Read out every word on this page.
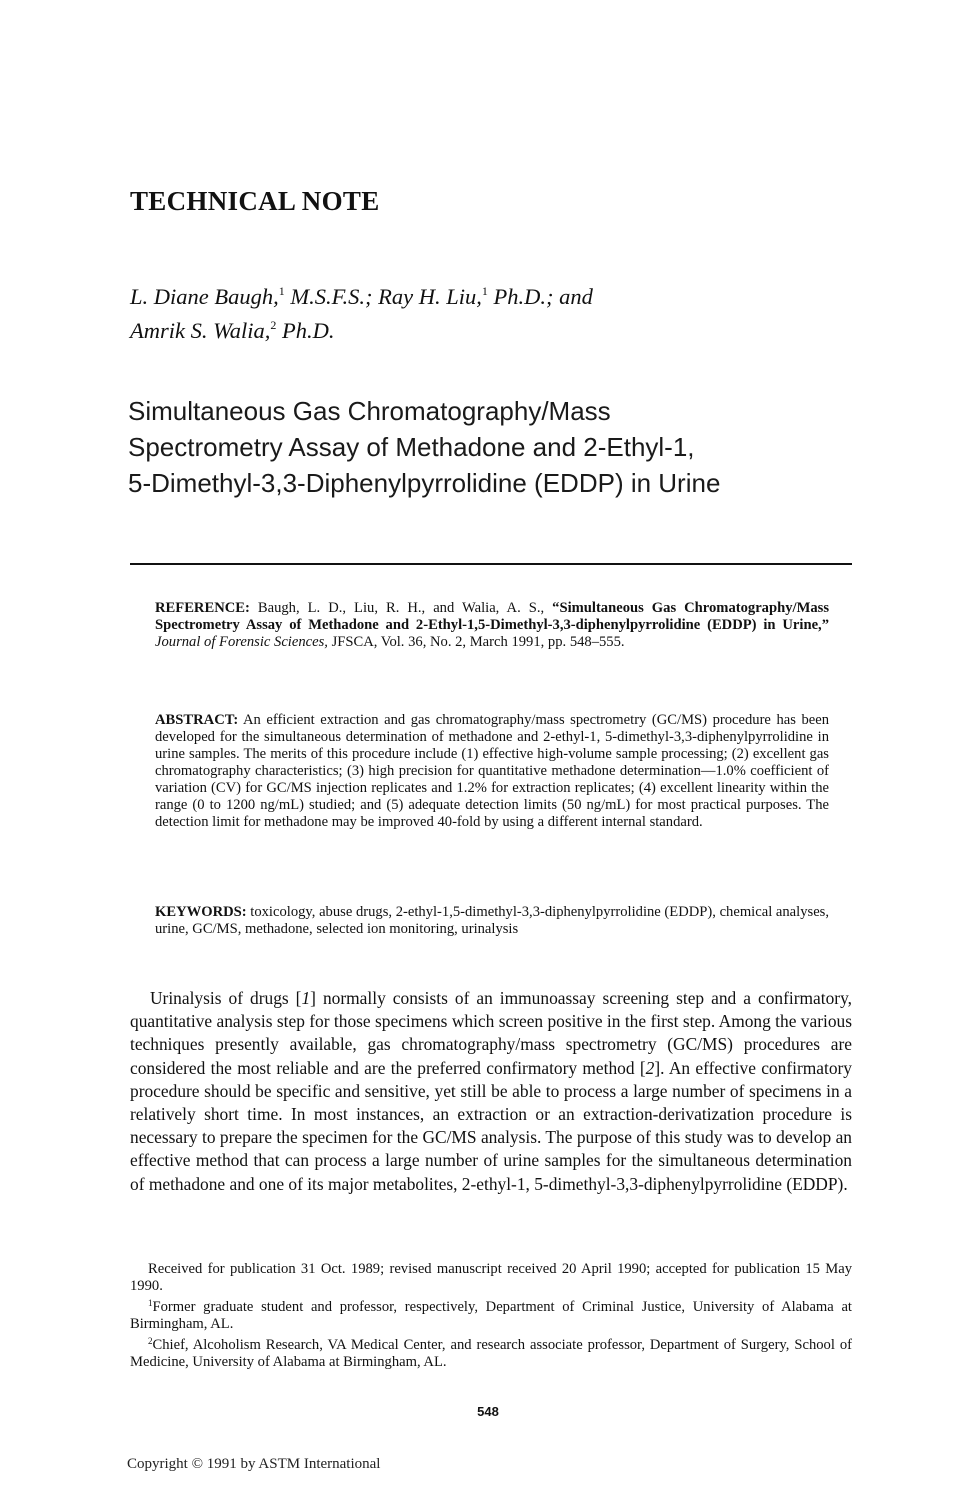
TECHNICAL NOTE
L. Diane Baugh,$^1$ M.S.F.S.; Ray H. Liu,$^1$ Ph.D.; and
Amrik S. Walia,$^2$ Ph.D.
Simultaneous Gas Chromatography/Mass
Spectrometry Assay of Methadone and 2-Ethyl-1,
5-Dimethyl-3,3-Diphenylpyrrolidine (EDDP) in Urine
REFERENCE: Baugh, L. D., Liu, R. H., and Walia, A. S., “Simultaneous Gas Chromatography/Mass Spectrometry Assay of Methadone and 2-Ethyl-1,5-Dimethyl-3,3-diphenylpyrrolidine (EDDP) in Urine,” Journal of Forensic Sciences, JFSCA, Vol. 36, No. 2, March 1991, pp. 548–555.
ABSTRACT: An efficient extraction and gas chromatography/mass spectrometry (GC/MS) procedure has been developed for the simultaneous determination of methadone and 2-ethyl-1, 5-dimethyl-3,3-diphenylpyrrolidine in urine samples. The merits of this procedure include (1) effective high-volume sample processing; (2) excellent gas chromatography characteristics; (3) high precision for quantitative methadone determination—1.0% coefficient of variation (CV) for GC/MS injection replicates and 1.2% for extraction replicates; (4) excellent linearity within the range (0 to 1200 ng/mL) studied; and (5) adequate detection limits (50 ng/mL) for most practical purposes. The detection limit for methadone may be improved 40-fold by using a different internal standard.
KEYWORDS: toxicology, abuse drugs, 2-ethyl-1,5-dimethyl-3,3-diphenylpyrrolidine (EDDP), chemical analyses, urine, GC/MS, methadone, selected ion monitoring, urinalysis
Urinalysis of drugs [1] normally consists of an immunoassay screening step and a confirmatory, quantitative analysis step for those specimens which screen positive in the first step. Among the various techniques presently available, gas chromatography/mass spectrometry (GC/MS) procedures are considered the most reliable and are the preferred confirmatory method [2]. An effective confirmatory procedure should be specific and sensitive, yet still be able to process a large number of specimens in a relatively short time. In most instances, an extraction or an extraction-derivatization procedure is necessary to prepare the specimen for the GC/MS analysis. The purpose of this study was to develop an effective method that can process a large number of urine samples for the simultaneous determination of methadone and one of its major metabolites, 2-ethyl-1, 5-dimethyl-3,3-diphenylpyrrolidine (EDDP).

Received for publication 31 Oct. 1989; revised manuscript received 20 April 1990; accepted for publication 15 May 1990.

$^1$Former graduate student and professor, respectively, Department of Criminal Justice, University of Alabama at Birmingham, AL.

$^2$Chief, Alcoholism Research, VA Medical Center, and research associate professor, Department of Surgery, School of Medicine, University of Alabama at Birmingham, AL.

548
Copyright © 1991 by ASTM International
